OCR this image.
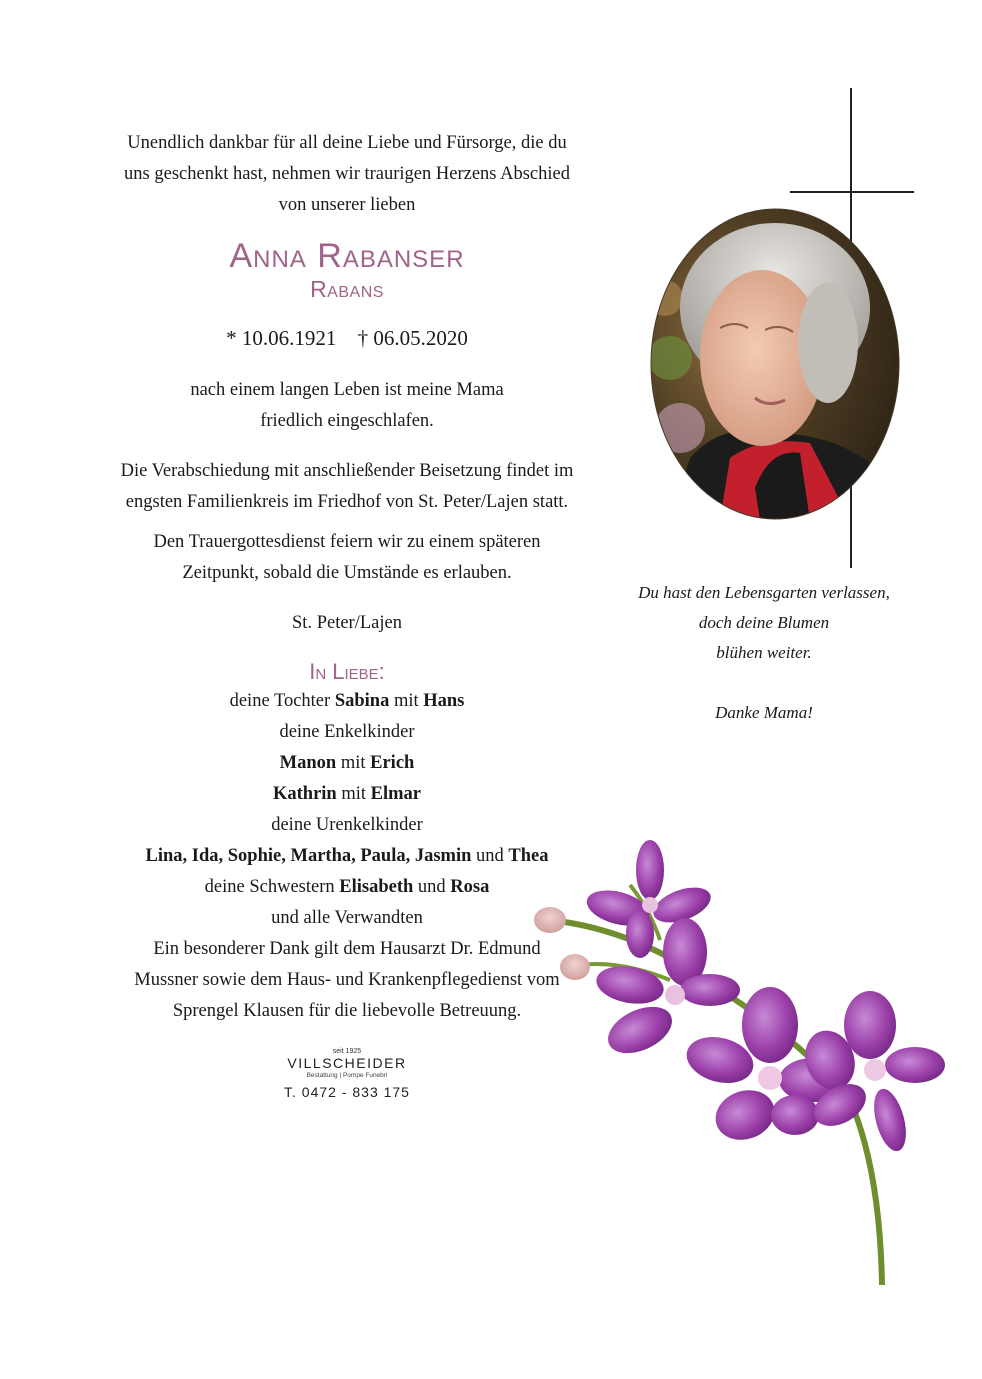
Unendlich dankbar für all deine Liebe und Fürsorge, die du

uns geschenkt hast, nehmen wir traurigen Herzens Abschied

von unserer lieben

Anna Rabanser

Rabans

* 10.06.1921 † 06.05.2020

nach einem langen Leben ist meine Mama

friedlich eingeschlafen.

Die Verabschiedung mit anschließender Beisetzung findet im

engsten Familienkreis im Friedhof von St. Peter/Lajen statt.

Den Trauergottesdienst feiern wir zu einem späteren

Zeitpunkt, sobald die Umstände es erlauben.

St. Peter/Lajen

In Liebe:

deine Tochter Sabina mit Hans

deine Enkelkinder

Manon mit Erich

Kathrin mit Elmar

deine Urenkelkinder

Lina, Ida, Sophie, Martha, Paula, Jasmin und Thea

deine Schwestern Elisabeth und Rosa

und alle Verwandten

Ein besonderer Dank gilt dem Hausarzt Dr. Edmund

Mussner sowie dem Haus- und Krankenpflegedienst vom

Sprengel Klausen für die liebevolle Betreuung.

seit 1925
VILLSCHEIDER
Bestattung | Pompe Funebri
T. 0472 - 833 175

Du hast den Lebensgarten verlassen,

doch deine Blumen

blühen weiter.

Danke Mama!
